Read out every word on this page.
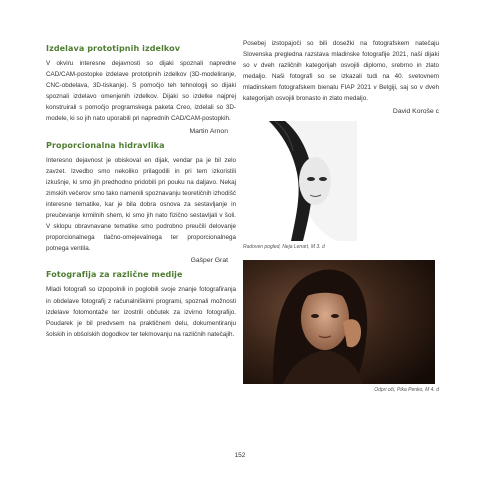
Izdelava prototipnih izdelkov

V okviru interesne dejavnosti so dijaki spoznali napredne CAD/CAM-postopke izdelave prototipnih izdelkov (3D-modeliranje, CNC-obdelava, 3D-tiskanje). S pomočjo teh tehnologij so dijaki spoznali izdelavo omenjenih izdelkov. Dijaki so izdelke najprej konstruirali s pomočjo programskega paketa Creo, izdelali so 3D-modele, ki so jih nato uporabili pri naprednih CAD/CAM-postopkih.

Martin Arnon
Proporcionalna hidravlika

Interesno dejavnost je obiskoval en dijak, vendar pa je bil zelo zavzet. Izvedbo smo nekoliko prilagodili in pri tem izkoristili izkušnje, ki smo jih predhodno pridobili pri pouku na daljavo. Nekaj zimskih večerov smo tako namenili spoznavanju teoretičnih izhodišč interesne tematike, kar je bila dobra osnova za sestavljanje in preučevanje krmilnih shem, ki smo jih nato fizično sestavljali v šoli. V sklopu obravnavane tematike smo podrobno preučili delovanje proporcionalnega tlačno-omejevalnega ter proporcionalnega potnega ventila.

Gašper Grat
Fotografija za različne medije

Mladi fotografi so izpopolnili in poglobili svoje znanje fotografiranja in obdelave fotografij z računalniškimi programi, spoznali možnosti izdelave fotomontaže ter izostrili občutek za izvirno fotografijo. Poudarek je bil predvsem na praktičnem delu, dokumentiranju šolskih in obšolskih dogodkov ter tekmovanju na različnih natečajih.

Posebej izstopajoči so bili dosežki na fotografskem natečaju Slovenska pregledna razstava mladinske fotografije 2021, naši dijaki so v dveh različnih kategorijah osvojili diplomo, srebrno in zlato medaljo. Naši fotografi so se izkazali tudi na 40. svetovnem mladinskem fotografskem bienalu FIAP 2021 v Belgiji, saj so v dveh kategorijah osvojili bronasto in zlato medaljo.

David Koroše c
Radoven pogled, Neja Lenart, M 3. d
Odpri oči, Pika Penko, M 4. d
152
